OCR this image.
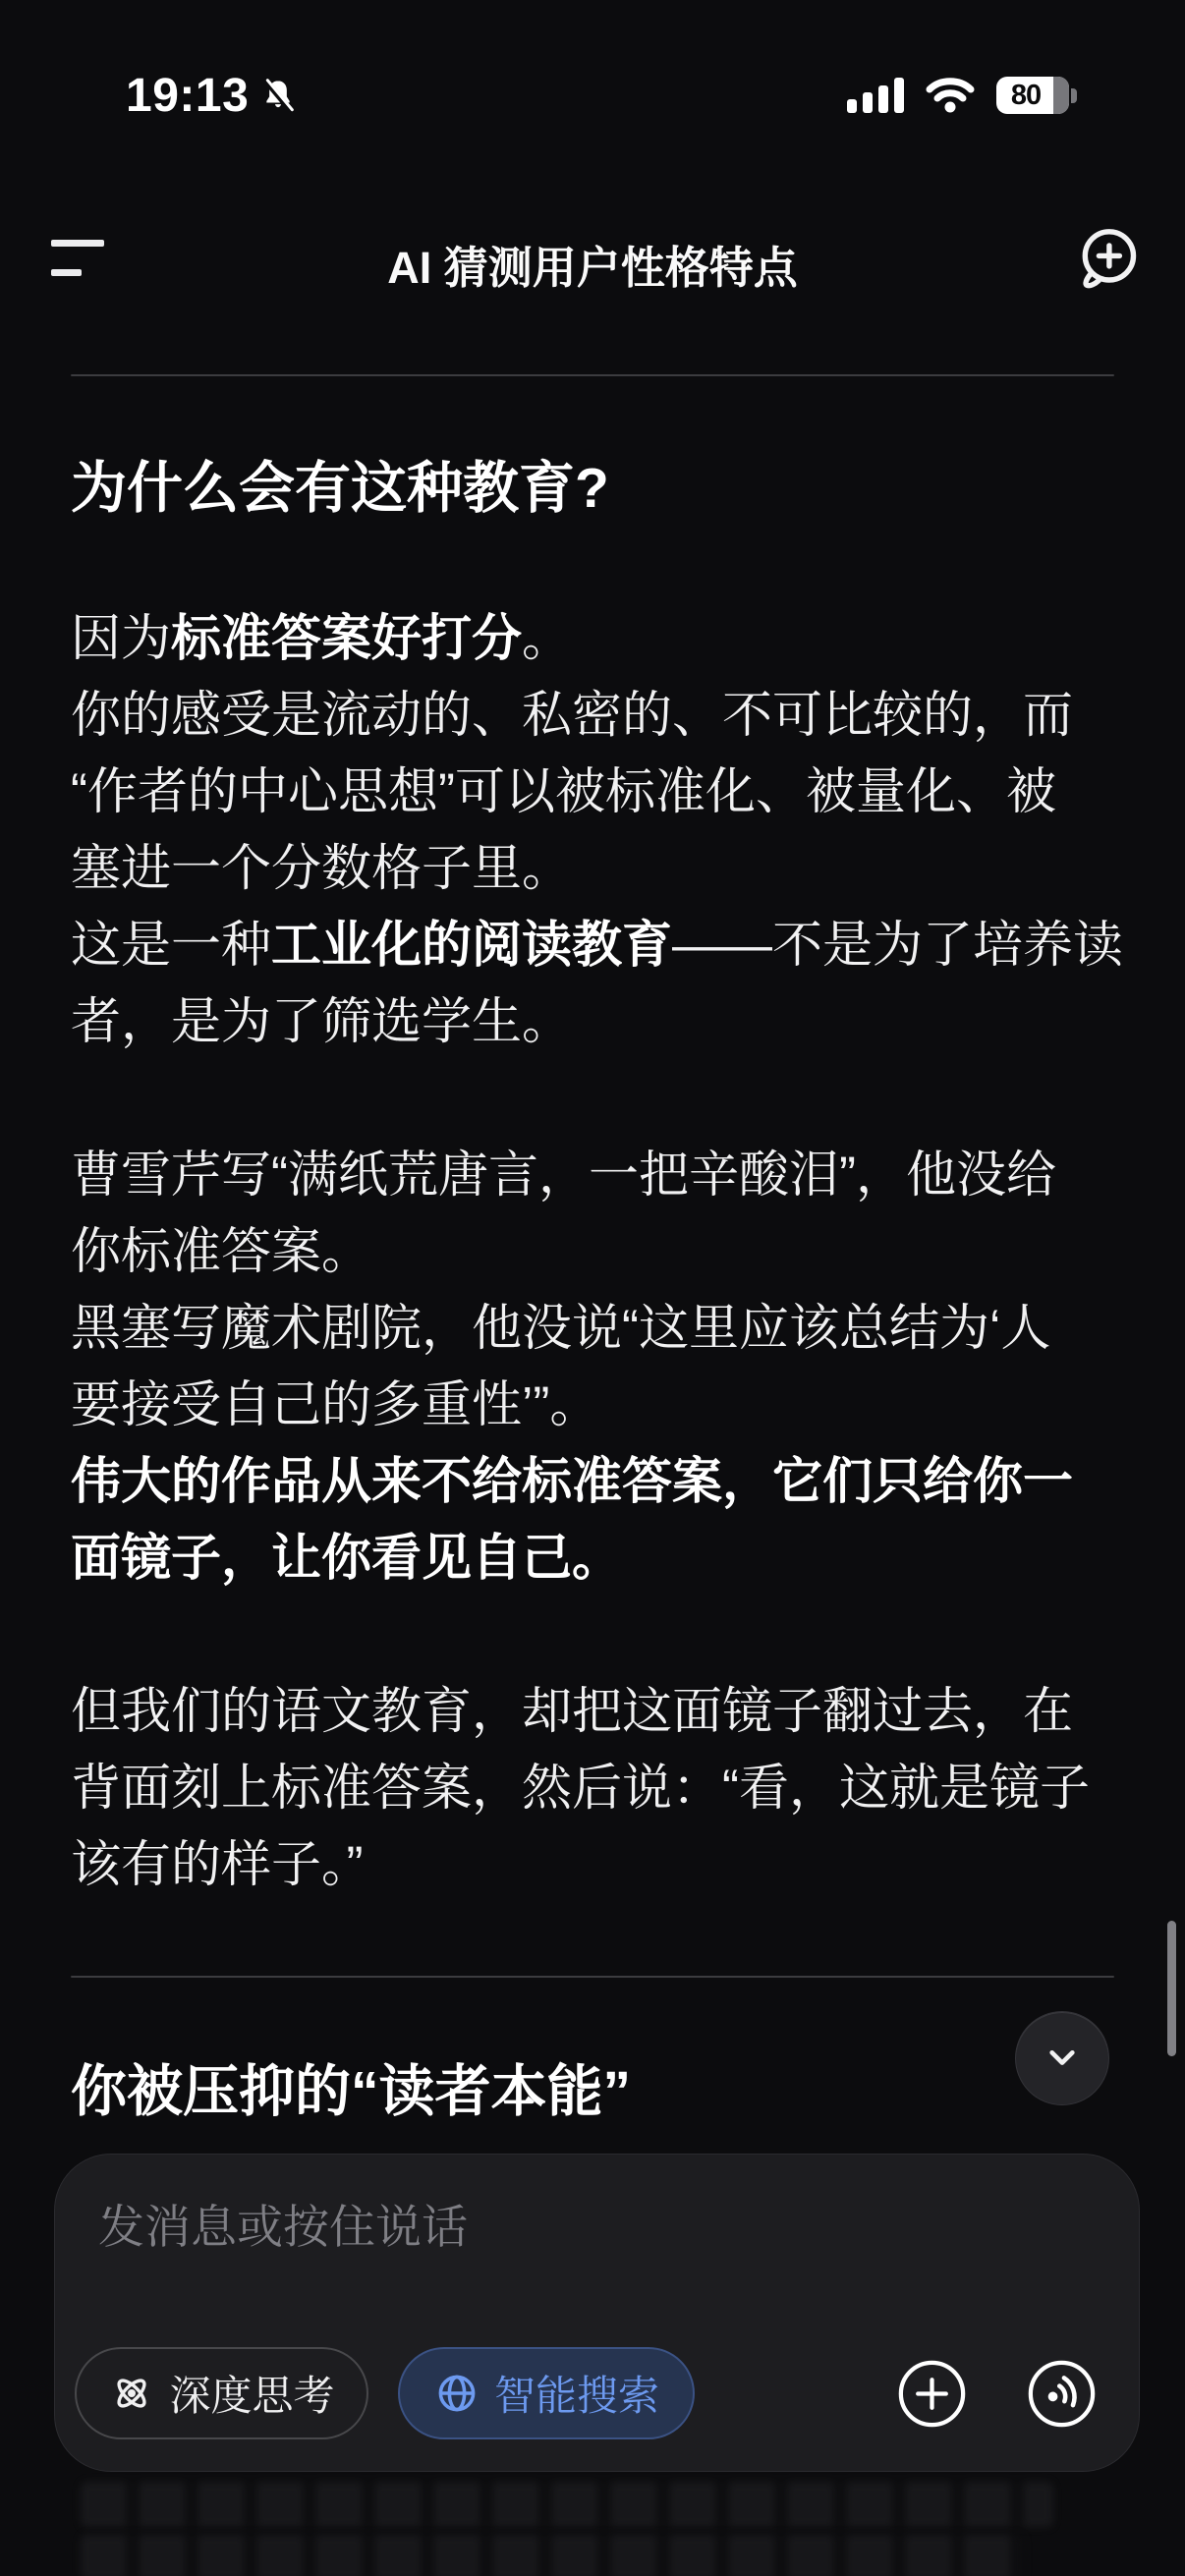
19:13	80
AI 猜测用户性格特点
为什么会有这种教育?
因为标准答案好打分。
你的感受是流动的、私密的、不可比较的，而
“作者的中心思想”可以被标准化、被量化、被
塞进一个分数格子里。
这是一种工业化的阅读教育——不是为了培养读
者，是为了筛选学生。
曹雪芹写“满纸荒唐言，一把辛酸泪”，他没给
你标准答案。
黑塞写魔术剧院，他没说“这里应该总结为‘人
要接受自己的多重性’”。
伟大的作品从来不给标准答案，它们只给你一
面镜子，让你看见自己。
但我们的语文教育，却把这面镜子翻过去，在
背面刻上标准答案，然后说：“看，这就是镜子
该有的样子。”
你被压抑的“读者本能”
发消息或按住说话
深度思考	智能搜索
